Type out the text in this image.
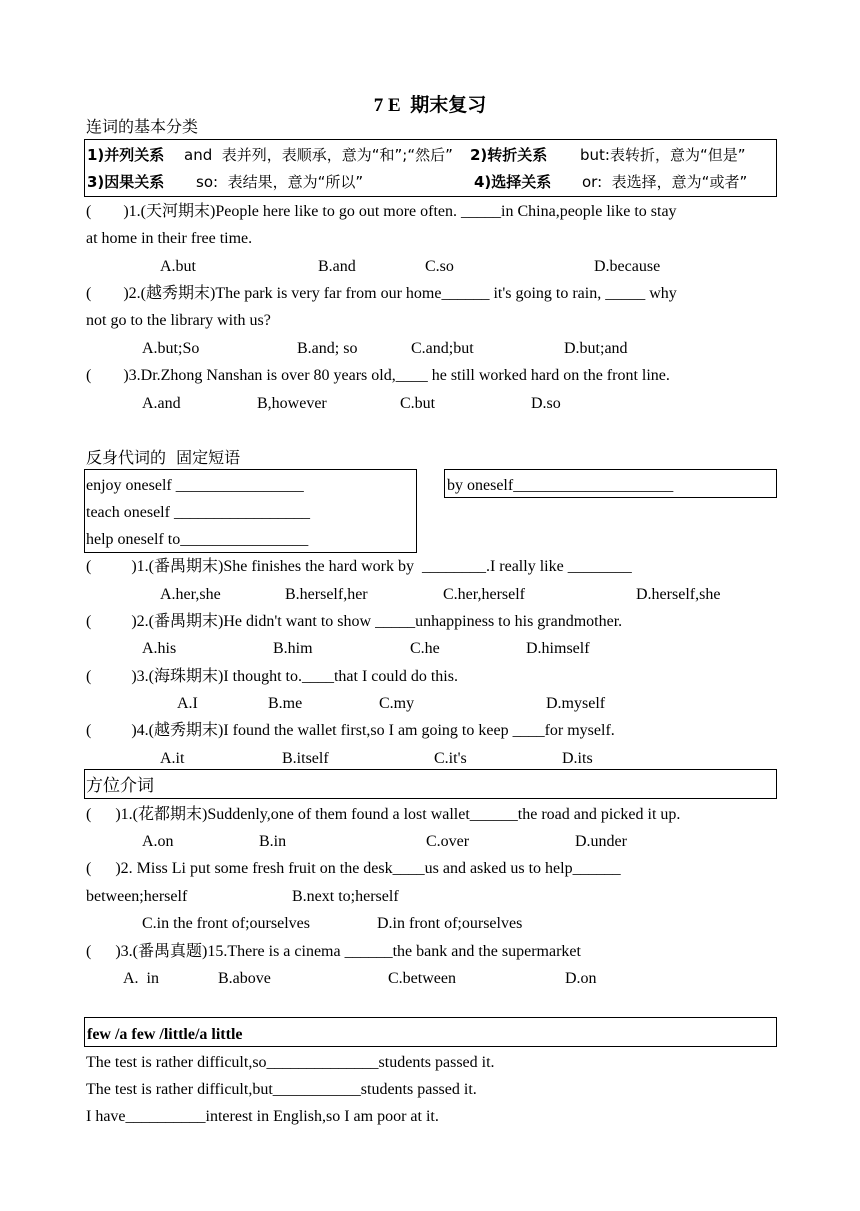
7 E  期末复习
连词的基本分类
1)并列关系 and  表并列，表顺承，意为“和”;“然后” 2)转折关系 but:表转折，意为“但是”
3)因果关系 so:  表结果，意为“所以”	4)选择关系 or:  表选择，意为“或者”
(        )1.(天河期末)People here like to go out more often. _____in China,people like to stay
at home in their free time.
A.but	B.and	C.so	D.because
(        )2.(越秀期末)The park is very far from our home______ it's going to rain, _____ why
not go to the library with us?
A.but;So	B.and; so	C.and;but	D.but;and
(        )3.Dr.Zhong Nanshan is over 80 years old,____ he still worked hard on the front line.
A.and	B,however	C.but	D.so
反身代词的  固定短语
enjoy oneself ________________
teach oneself _________________
help oneself to________________
by oneself____________________
(          )1.(番禺期末)She finishes the hard work by  ________.I really like ________
A.her,she	B.herself,her	C.her,herself	D.herself,she
(          )2.(番禺期末)He didn't want to show _____unhappiness to his grandmother.
A.his	B.him	C.he	D.himself
(          )3.(海珠期末)I thought to.____that I could do this.
A.I	B.me	C.my	D.myself
(          )4.(越秀期末)I found the wallet first,so I am going to keep ____for myself.
A.it	B.itself	C.it's	D.its
方位介词
(      )1.(花都期末)Suddenly,one of them found a lost wallet______the road and picked it up.
A.on	B.in	C.over	D.under
(      )2. Miss Li put some fresh fruit on the desk____us and asked us to help______
between;herself	B.next to;herself
C.in the front of;ourselves	D.in front of;ourselves
(      )3.(番禺真题)15.There is a cinema ______the bank and the supermarket
A.  in	B.above	C.between	D.on
few /a few /little/a little
The test is rather difficult,so______________students passed it.
The test is rather difficult,but___________students passed it.
I have__________interest in English,so I am poor at it.
